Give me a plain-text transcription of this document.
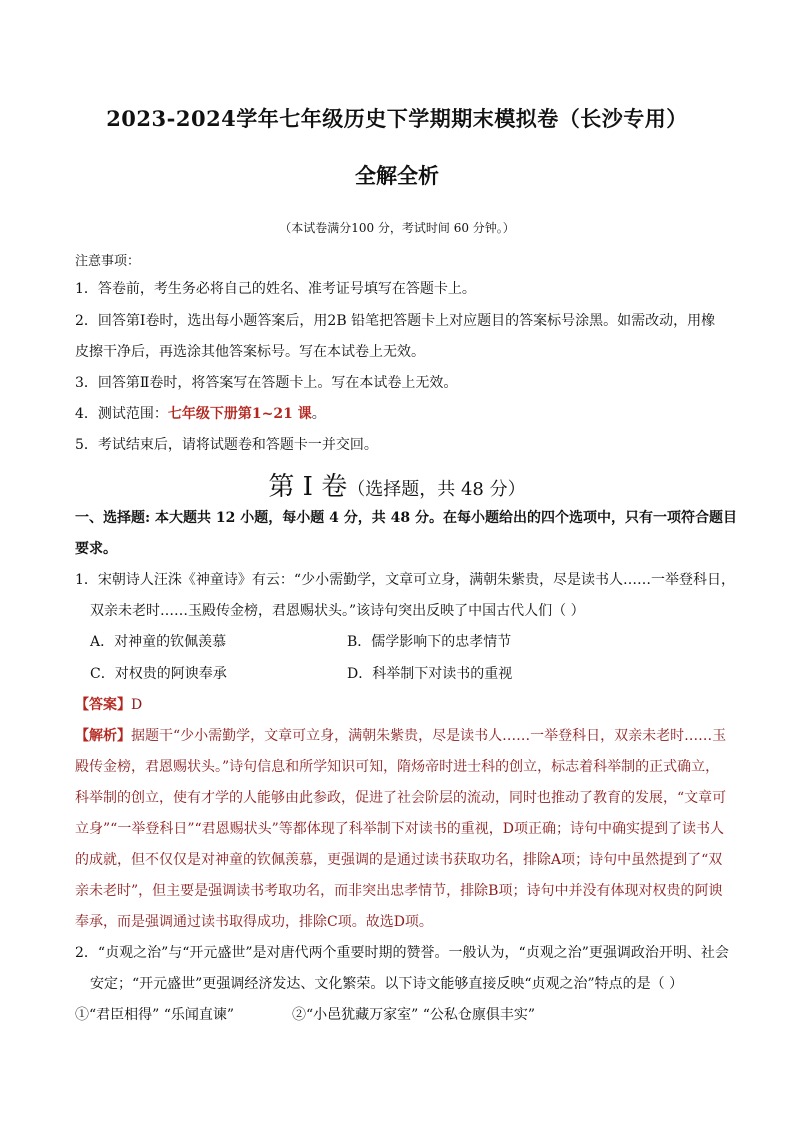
2023-2024学年七年级历史下学期期末模拟卷（长沙专用）
全解全析
（本试卷满分100 分，考试时间 60 分钟。）
注意事项：
1．答卷前，考生务必将自己的姓名、准考证号填写在答题卡上。
2．回答第Ⅰ卷时，选出每小题答案后，用2B 铅笔把答题卡上对应题目的答案标号涂黑。如需改动，用橡
皮擦干净后，再选涂其他答案标号。写在本试卷上无效。
3．回答第Ⅱ卷时，将答案写在答题卡上。写在本试卷上无效。
4．测试范围：七年级下册第1~21 课。
5．考试结束后，请将试题卷和答题卡一并交回。
第 I 卷（选择题，共 48 分）
一、选择题: 本大题共 12 小题，每小题 4 分，共 48 分。在每小题给出的四个选项中，只有一项符合题目
要求。
1．宋朝诗人汪洙《神童诗》有云：“少小需勤学，文章可立身，满朝朱紫贵，尽是读书人……一举登科日，
双亲未老时……玉殿传金榜，君恩赐状头。”该诗句突出反映了中国古代人们（ ）
A．对神童的钦佩羡慕	B．儒学影响下的忠孝情节
C．对权贵的阿谀奉承	D．科举制下对读书的重视
【答案】D
【解析】据题干“少小需勤学，文章可立身，满朝朱紫贵，尽是读书人……一举登科日，双亲未老时……玉
殿传金榜，君恩赐状头。”诗句信息和所学知识可知，隋炀帝时进士科的创立，标志着科举制的正式确立，
科举制的创立，使有才学的人能够由此参政，促进了社会阶层的流动，同时也推动了教育的发展，“文章可
立身”“一举登科日”“君恩赐状头”等都体现了科举制下对读书的重视，D项正确；诗句中确实提到了读书人
的成就，但不仅仅是对神童的钦佩羡慕，更强调的是通过读书获取功名，排除A项；诗句中虽然提到了“双
亲未老时”，但主要是强调读书考取功名，而非突出忠孝情节，排除B项；诗句中并没有体现对权贵的阿谀
奉承，而是强调通过读书取得成功，排除C项。故选D项。
2．“贞观之治”与“开元盛世”是对唐代两个重要时期的赞誉。一般认为，“贞观之治”更强调政治开明、社会
安定；“开元盛世”更强调经济发达、文化繁荣。以下诗文能够直接反映“贞观之治”特点的是（ ）
①“君臣相得” “乐闻直谏”	②“小邑犹藏万家室” “公私仓廪俱丰实”
